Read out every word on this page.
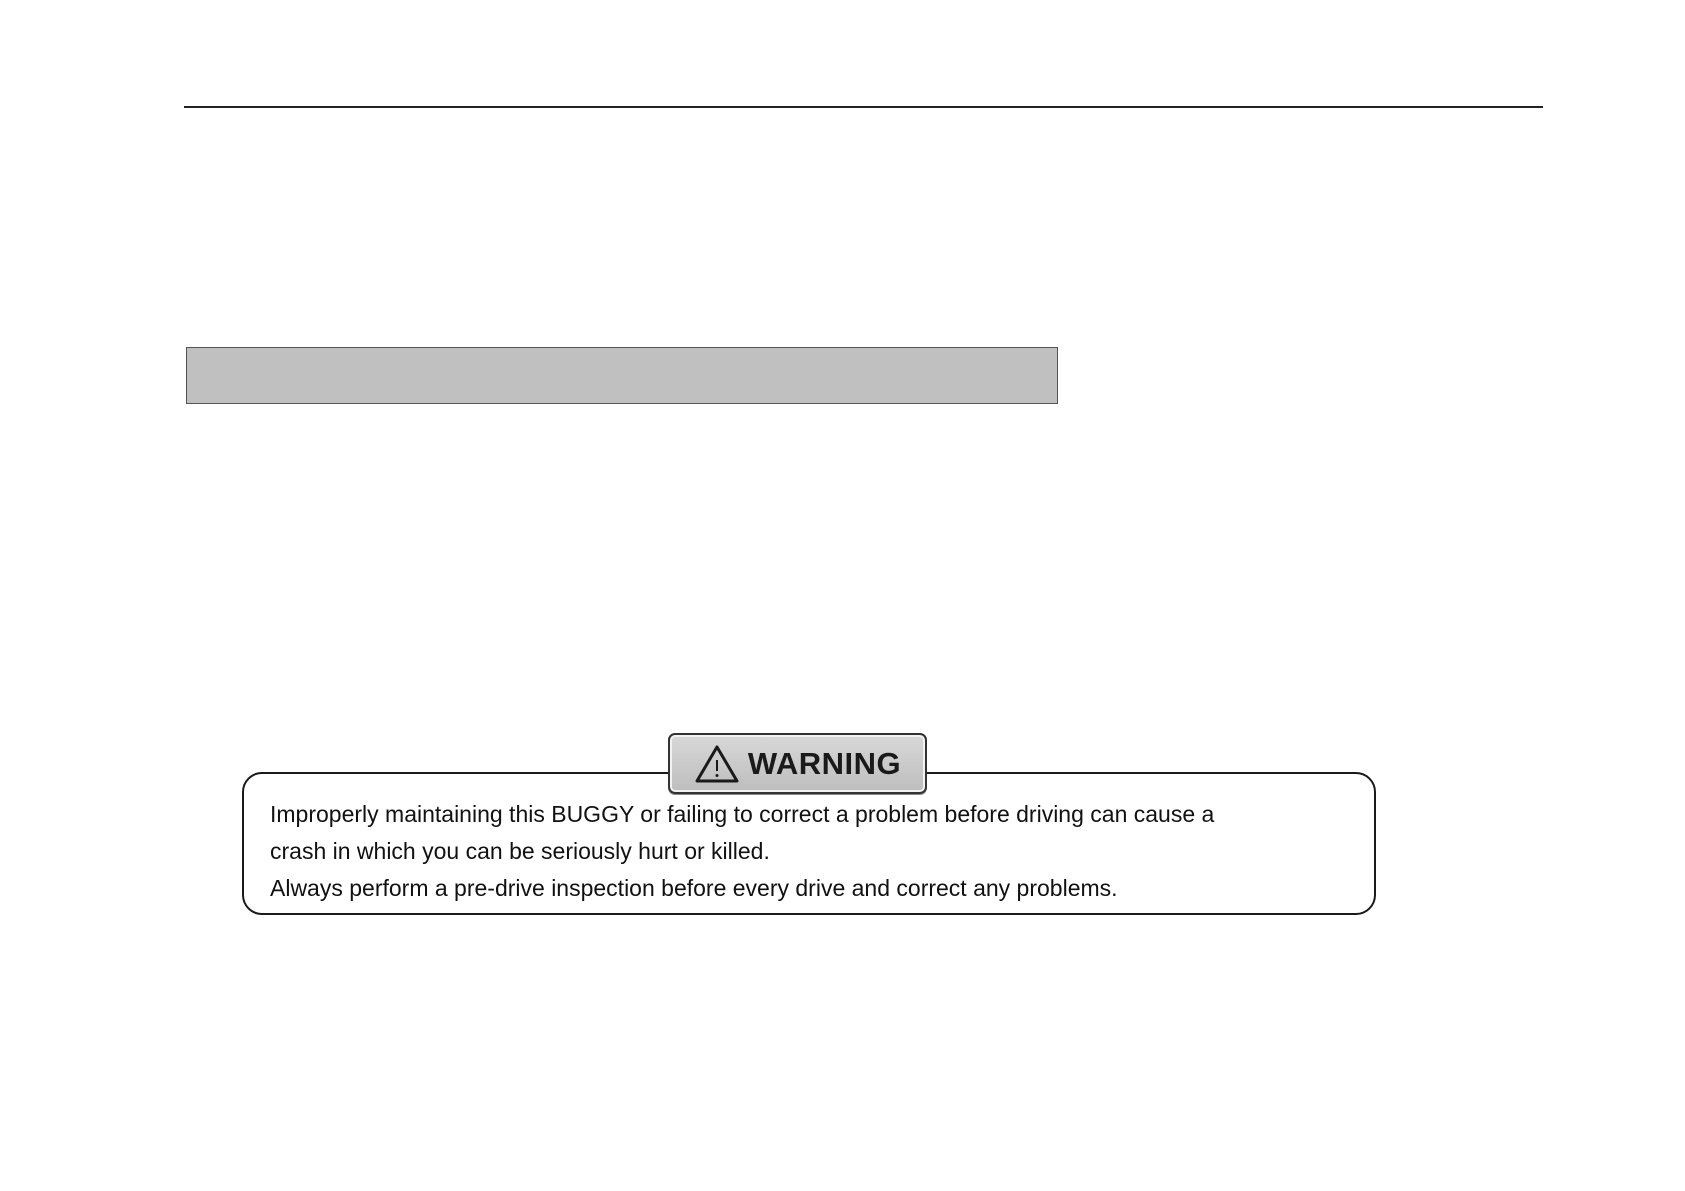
Improperly maintaining this BUGGY or failing to correct a problem before driving can cause a

crash in which you can be seriously hurt or killed.

Always perform a pre-drive inspection before every drive and correct any problems.

WARNING
